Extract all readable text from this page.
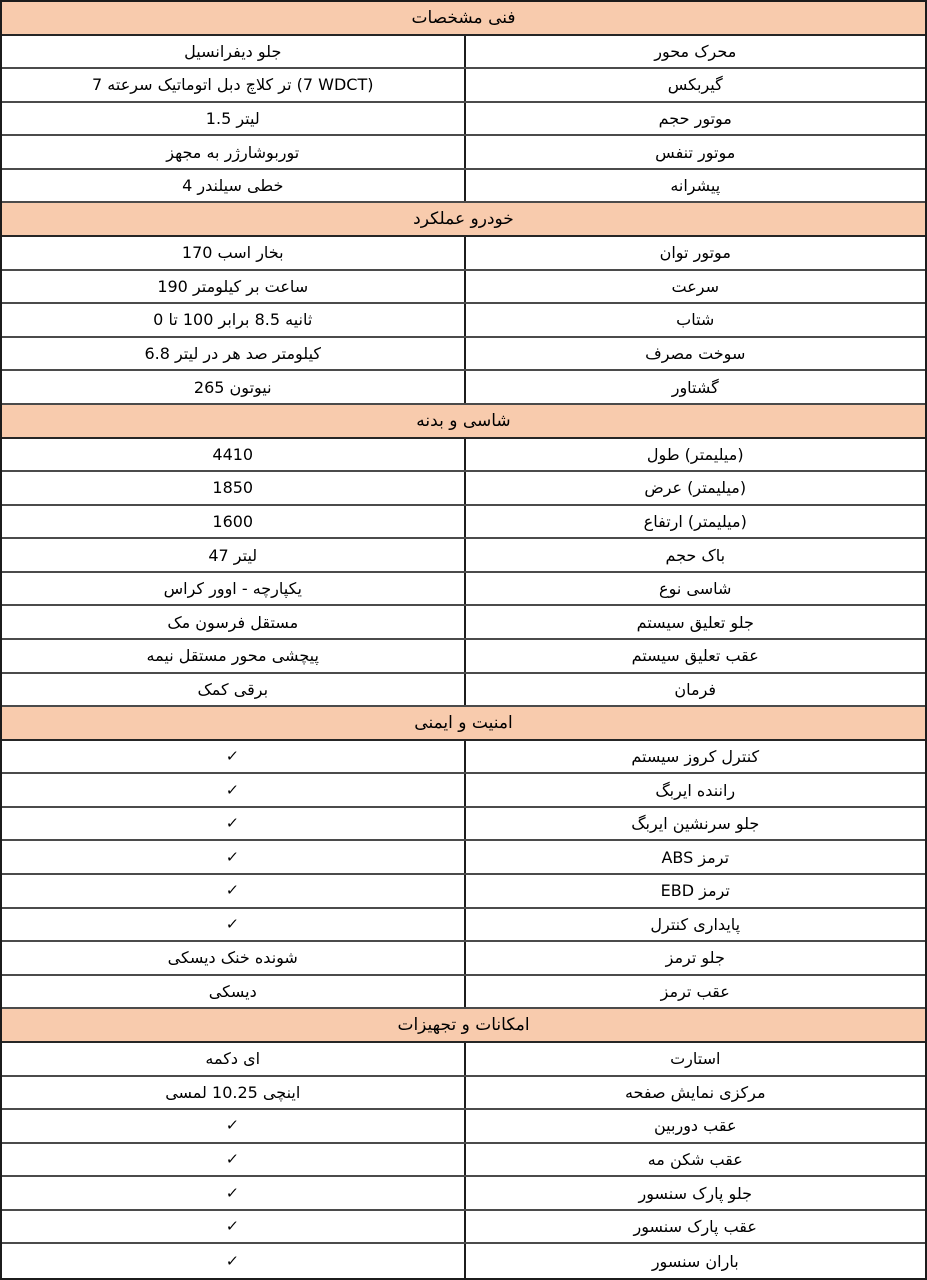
مشخصات ‎فنی
دیفرانسیل ‎جلو	محور ‎محرک
7 ‎سرعته ‎اتوماتیک ‎دبل ‎کلاچ ‎تر ‎(7 ‎WDCT)	گیربکس
1.5 ‎لیتر	حجم ‎موتور
مجهز ‎به ‎توربوشارژر	تنفس ‎موتور
4 ‎سیلندر ‎خطی	پیشرانه
عملکرد ‎خودرو
170 ‎اسب ‎بخار	توان ‎موتور
190 ‎کیلومتر ‎بر ‎ساعت	سرعت
0 ‎تا ‎100 ‎برابر ‎8.5 ‎ثانیه	شتاب
6.8 ‎لیتر ‎در ‎هر ‎صد ‎کیلومتر	مصرف ‎سوخت
265 ‎نیوتون	گشتاور
بدنه ‎و ‎شاسی
4410	طول ‎(میلیمتر)
1850	عرض ‎(میلیمتر)
1600	ارتفاع ‎(میلیمتر)
47 ‎لیتر	حجم ‎باک
کراس ‎اوور ‎- ‎یکپارچه	نوع ‎شاسی
مک ‎فرسون ‎مستقل	سیستم ‎تعلیق ‎جلو
نیمه ‎مستقل ‎محور ‎پیچشی	سیستم ‎تعلیق ‎عقب
کمک ‎برقی	فرمان
ایمنی ‎و ‎امنیت
✓	سیستم ‎کروز ‎کنترل
✓	ایربگ ‎راننده
✓	ایربگ ‎سرنشین ‎جلو
✓	ترمز ‎ABS
✓	ترمز ‎EBD
✓	کنترل ‎پایداری
دیسکی ‎خنک ‎شونده	ترمز ‎جلو
دیسکی	ترمز ‎عقب
تجهیزات ‎و ‎امکانات
دکمه ‎ای	استارت
لمسی ‎10.25 ‎اینچی	صفحه ‎نمایش ‎مرکزی
✓	دوربین ‎عقب
✓	مه ‎شکن ‎عقب
✓	سنسور ‎پارک ‎جلو
✓	سنسور ‎پارک ‎عقب
✓	سنسور ‎باران
